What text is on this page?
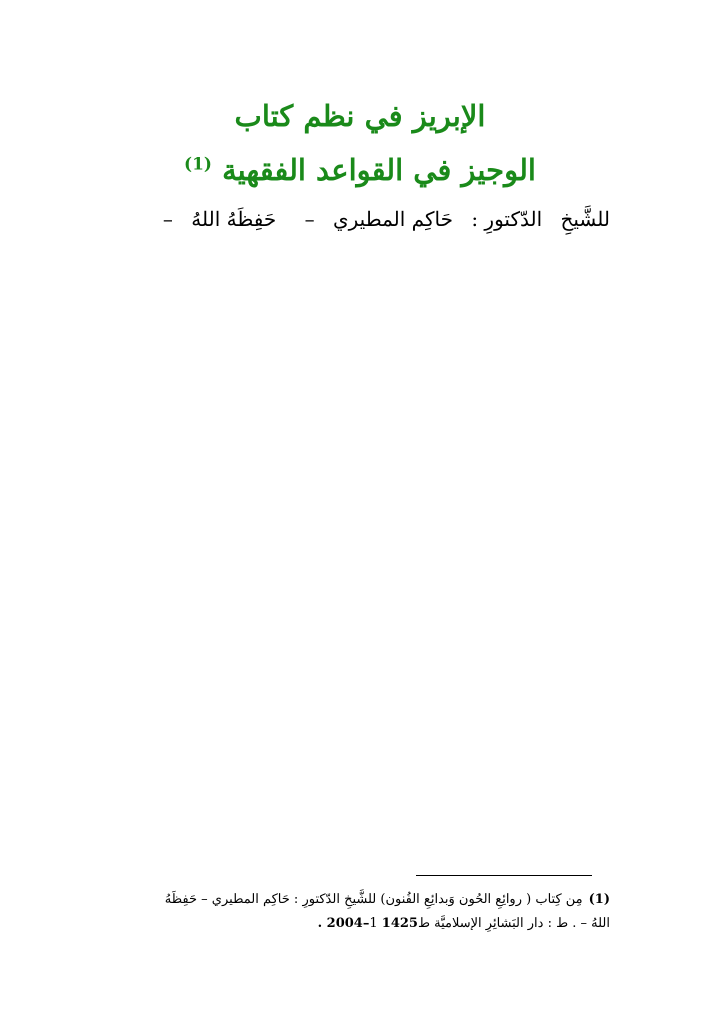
الإبريز في نظم كتاب
الوجيز في القواعد الفقهية $^{(1)}$
للشَّيخِ الدّكتورِ : حَاكِم المطيري – حَفِظَهُ اللهُ –
(1)مِن كِتاب ( روائِعِ الحُون وَبدائِعِ الفُنون) للشَّيخِ الدّكتورِ : حَاكِم المطيري – حَفِظَهُ
اللهُ – . ط : دار البَشائِرِ الإسلاميَّة ط1 1425–2004 .
